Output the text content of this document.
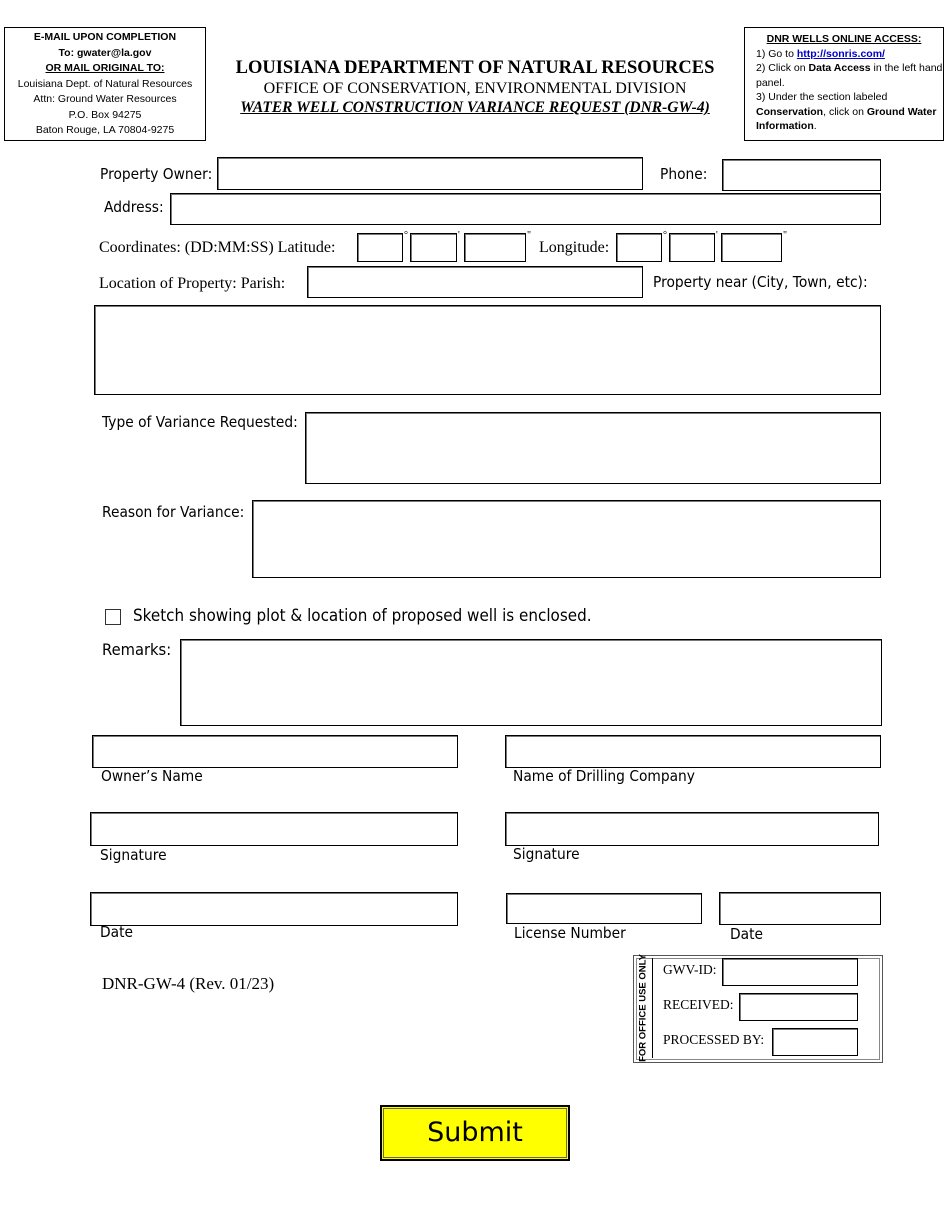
E-MAIL UPON COMPLETION
To: gwater@la.gov
OR MAIL ORIGINAL TO:
Louisiana Dept. of Natural Resources
Attn: Ground Water Resources
P.O. Box 94275
Baton Rouge, LA 70804-9275
LOUISIANA DEPARTMENT OF NATURAL RESOURCES
OFFICE OF CONSERVATION, ENVIRONMENTAL DIVISION
WATER WELL CONSTRUCTION VARIANCE REQUEST (DNR-GW-4)
DNR WELLS ONLINE ACCESS:
1) Go to http://sonris.com/
2) Click on Data Access in the left hand panel.
3) Under the section labeled Conservation, click on Ground Water Information.
Property Owner:	Phone:
Address:
Coordinates: (DD:MM:SS) Latitude:
°	'	"
Longitude:
°	'	"
Location of Property: Parish:	Property near (City, Town, etc):
Type of Variance Requested:
Reason for Variance:
Sketch showing plot & location of proposed well is enclosed.
Remarks:
Owner’s Name	Name of Drilling Company
Signature	Signature
Date	License Number	Date
DNR-GW-4 (Rev. 01/23)	FOR OFFICE USE ONLY GWV-ID:
RECEIVED:
PROCESSED BY:
Submit
